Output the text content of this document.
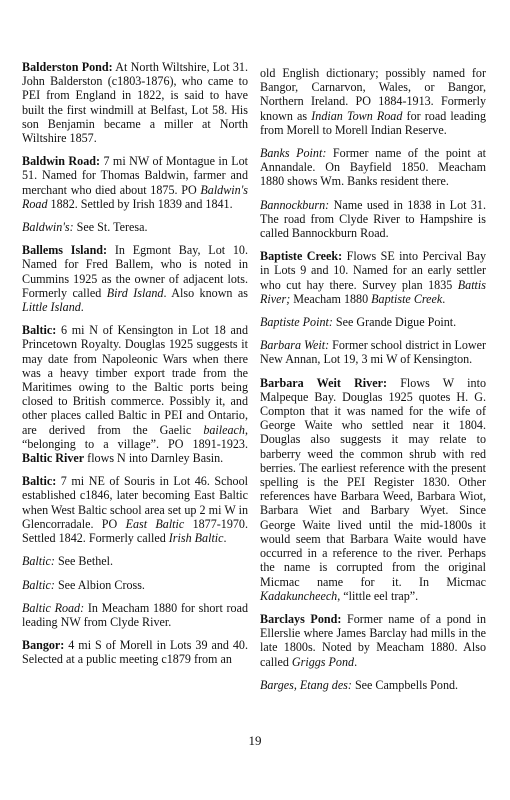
Balderston Pond: At North Wiltshire, Lot 31. John Balderston (c1803-1876), who came to PEI from England in 1822, is said to have built the first windmill at Belfast, Lot 58. His son Benjamin became a miller at North Wiltshire 1857.

Baldwin Road: 7 mi NW of Montague in Lot 51. Named for Thomas Baldwin, farmer and merchant who died about 1875. PO Baldwin's Road 1882. Settled by Irish 1839 and 1841.

Baldwin's: See St. Teresa.

Ballems Island: In Egmont Bay, Lot 10. Named for Fred Ballem, who is noted in Cummins 1925 as the owner of adjacent lots. Formerly called Bird Island. Also known as Little Island.

Baltic: 6 mi N of Kensington in Lot 18 and Princetown Royalty. Douglas 1925 suggests it may date from Napoleonic Wars when there was a heavy timber export trade from the Maritimes owing to the Baltic ports being closed to British commerce. Possibly it, and other places called Baltic in PEI and Ontario, are derived from the Gaelic baileach, “belonging to a village”. PO 1891-1923. Baltic River flows N into Darnley Basin.

Baltic: 7 mi NE of Souris in Lot 46. School established c1846, later becoming East Baltic when West Baltic school area set up 2 mi W in Glencorradale. PO East Baltic 1877-1970. Settled 1842. Formerly called Irish Baltic.

Baltic: See Bethel.

Baltic: See Albion Cross.

Baltic Road: In Meacham 1880 for short road leading NW from Clyde River.

Bangor: 4 mi S of Morell in Lots 39 and 40. Selected at a public meeting c1879 from an

old English dictionary; possibly named for Bangor, Carnarvon, Wales, or Bangor, Northern Ireland. PO 1884-1913. Formerly known as Indian Town Road for road leading from Morell to Morell Indian Reserve.

Banks Point: Former name of the point at Annandale. On Bayfield 1850. Meacham 1880 shows Wm. Banks resident there.

Bannockburn: Name used in 1838 in Lot 31. The road from Clyde River to Hampshire is called Bannockburn Road.

Baptiste Creek: Flows SE into Percival Bay in Lots 9 and 10. Named for an early settler who cut hay there. Survey plan 1835 Battis River; Meacham 1880 Baptiste Creek.

Baptiste Point: See Grande Digue Point.

Barbara Weit: Former school district in Lower New Annan, Lot 19, 3 mi W of Kensington.

Barbara Weit River: Flows W into Malpeque Bay. Douglas 1925 quotes H. G. Compton that it was named for the wife of George Waite who settled near it 1804. Douglas also suggests it may relate to barberry weed the common shrub with red berries. The earliest reference with the present spelling is the PEI Register 1830. Other references have Barbara Weed, Barbara Wiot, Barbara Wiet and Barbary Wyet. Since George Waite lived until the mid-1800s it would seem that Barbara Waite would have occurred in a reference to the river. Perhaps the name is corrupted from the original Micmac name for it. In Micmac Kadakuncheech, “little eel trap”.

Barclays Pond: Former name of a pond in Ellerslie where James Barclay had mills in the late 1800s. Noted by Meacham 1880. Also called Griggs Pond.

Barges, Etang des: See Campbells Pond.

19
